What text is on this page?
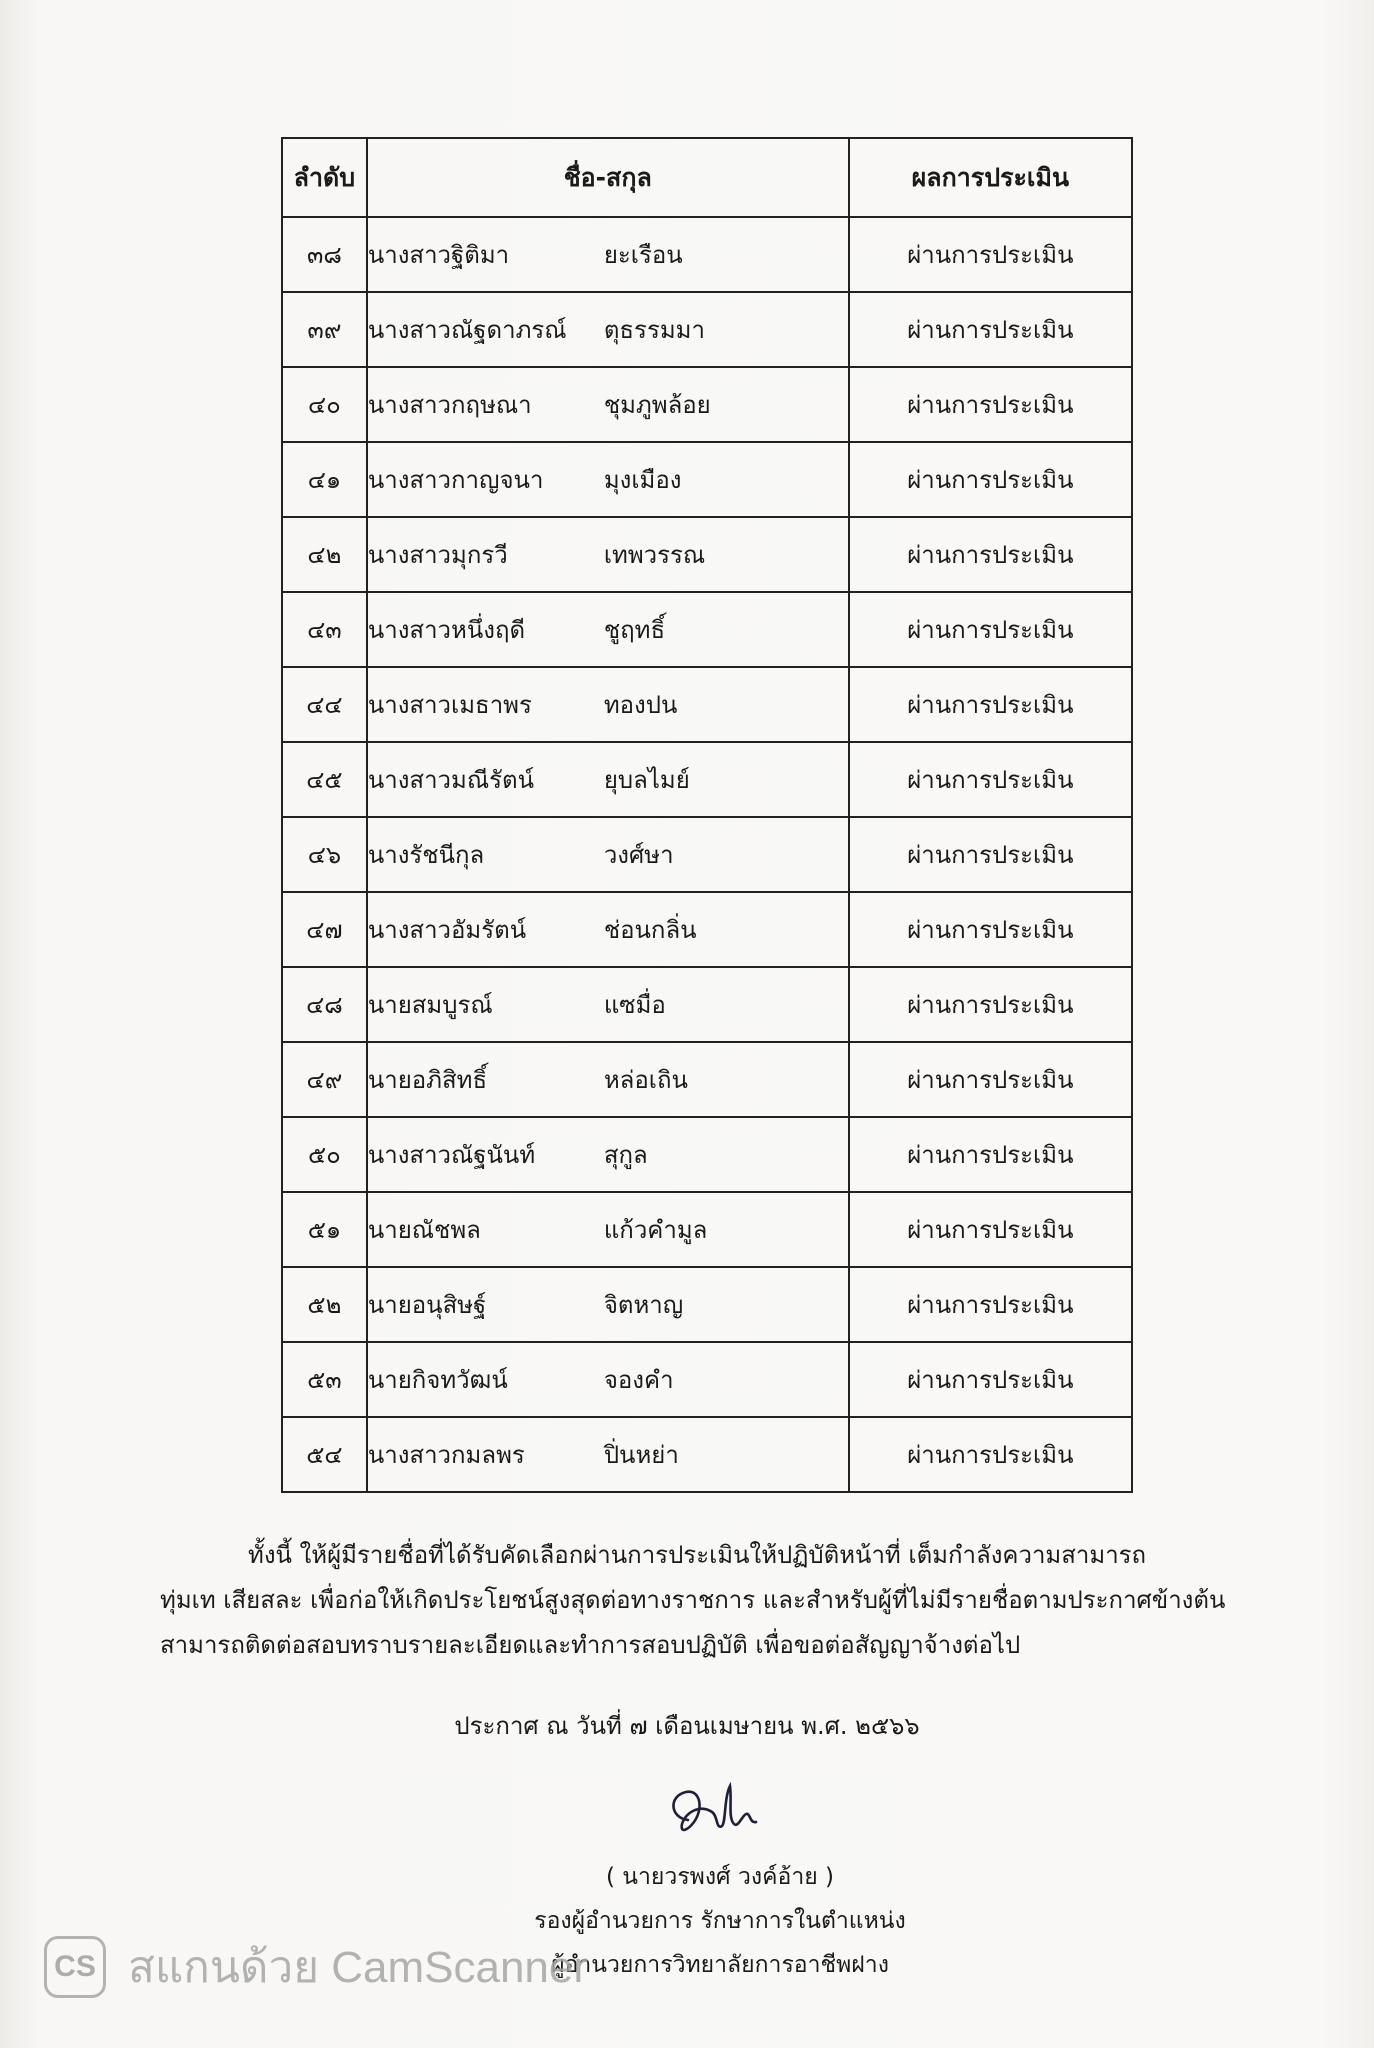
ลำดับ	ชื่อ-สกุล	ผลการประเมิน
๓๘	นางสาวฐิติมา ยะเรือน	ผ่านการประเมิน
๓๙	นางสาวณัฐดาภรณ์ ตุธรรมมา	ผ่านการประเมิน
๔๐	นางสาวกฤษณา ชุมภูพล้อย	ผ่านการประเมิน
๔๑	นางสาวกาญจนา มุงเมือง	ผ่านการประเมิน
๔๒	นางสาวมุกรวี เทพวรรณ	ผ่านการประเมิน
๔๓	นางสาวหนึ่งฤดี ชูฤทธิ์	ผ่านการประเมิน
๔๔	นางสาวเมธาพร ทองปน	ผ่านการประเมิน
๔๕	นางสาวมณีรัตน์ ยุบลไมย์	ผ่านการประเมิน
๔๖	นางรัชนีกุล วงศ์ษา	ผ่านการประเมิน
๔๗	นางสาวอัมรัตน์ ช่อนกลิ่น	ผ่านการประเมิน
๔๘	นายสมบูรณ์ แซมื่อ	ผ่านการประเมิน
๔๙	นายอภิสิทธิ์ หล่อเถิน	ผ่านการประเมิน
๕๐	นางสาวณัฐนันท์ สุกูล	ผ่านการประเมิน
๕๑	นายณัชพล แก้วคำมูล	ผ่านการประเมิน
๕๒	นายอนุสิษฐ์ จิตหาญ	ผ่านการประเมิน
๕๓	นายกิจทวัฒน์ จองคำ	ผ่านการประเมิน
๕๔	นางสาวกมลพร ปิ่นหย่า	ผ่านการประเมิน
ทั้งนี้ ให้ผู้มีรายชื่อที่ได้รับคัดเลือกผ่านการประเมินให้ปฏิบัติหน้าที่ เต็มกำลังความสามารถ
ทุ่มเท เสียสละ เพื่อก่อให้เกิดประโยชน์สูงสุดต่อทางราชการ และสำหรับผู้ที่ไม่มีรายชื่อตามประกาศข้างต้น
สามารถติดต่อสอบทราบรายละเอียดและทำการสอบปฏิบัติ เพื่อขอต่อสัญญาจ้างต่อไป
ประกาศ ณ วันที่ ๗ เดือนเมษายน พ.ศ. ๒๕๖๖
( นายวรพงศ์ วงค์อ้าย )
รองผู้อำนวยการ รักษาการในตำแหน่ง
ผู้อำนวยการวิทยาลัยการอาชีพฝาง
CS สแกนด้วย CamScanner
